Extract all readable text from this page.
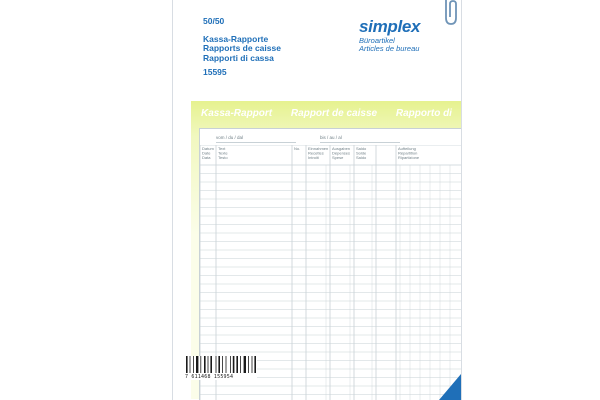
50/50
Kassa-Rapporte
Rapports de caisse
Rapporti di cassa
15595
simplex
Büroartikel
Articles de bureau
Kassa-Rapport Rapport de caisse Rapporto di
vom / du / dal	bis / au / al
Datum
Date
Data
Text
Texte
Testo
No. Einnahmen
Recettes
Introiti
Ausgaben
Dépenses
Spese
Saldo
Solde
Saldo
Aufteilung
Répartition
Ripartizione
7 611468 155954
